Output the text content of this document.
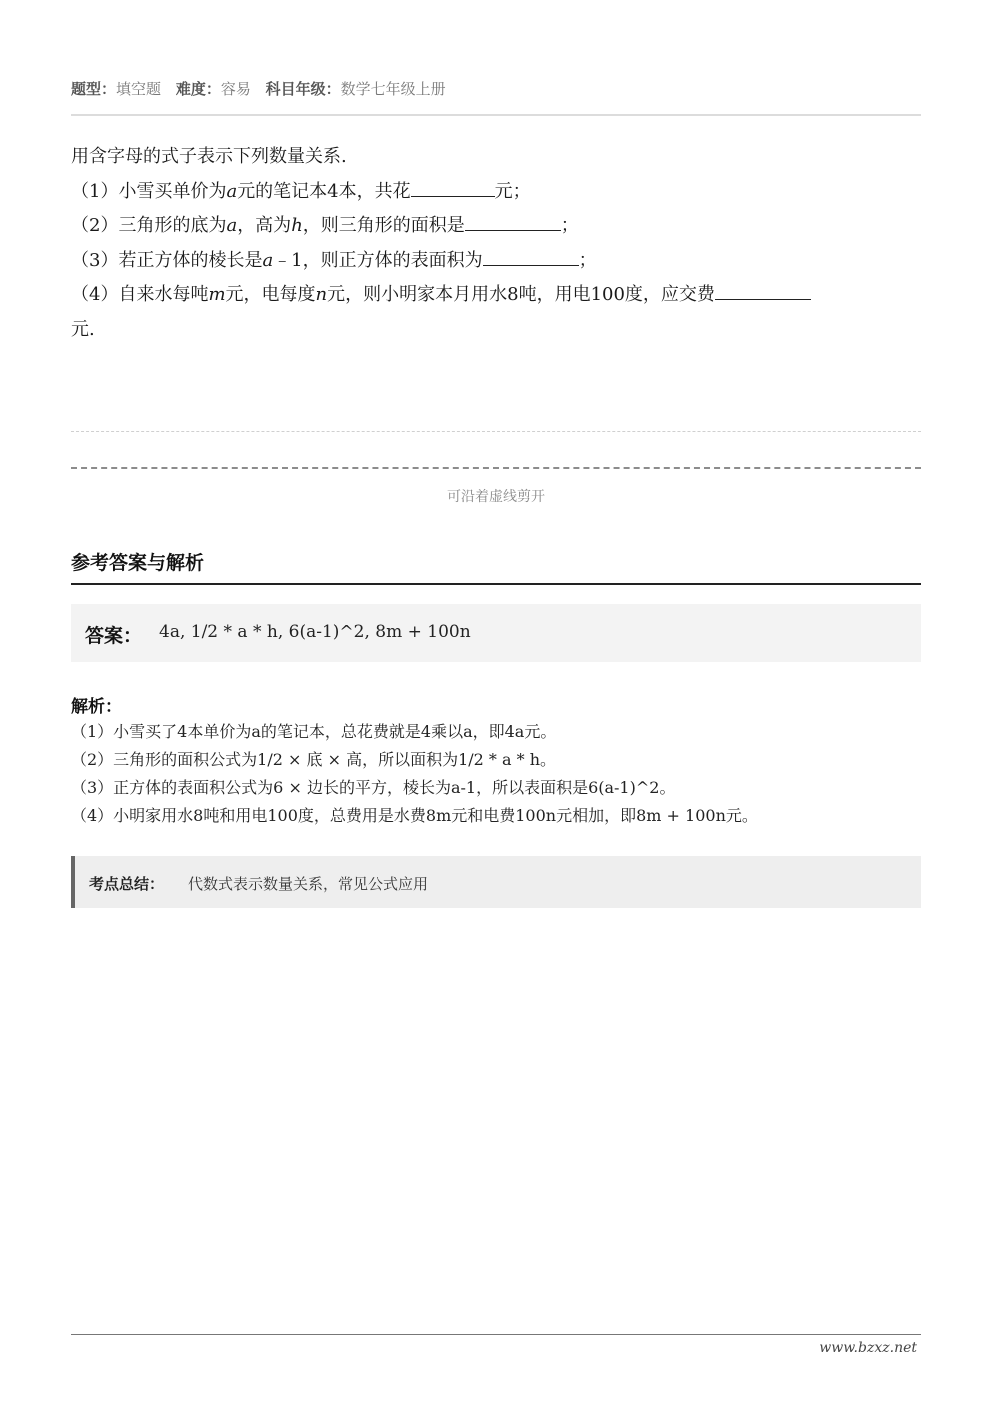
题型：填空题 难度：容易 科目年级：数学七年级上册
用含字母的式子表示下列数量关系.
（1）小雪买单价为a元的笔记本4本，共花	元；
（2）三角形的底为a，高为h，则三角形的面积是	；
（3）若正方体的棱长是a﹣1，则正方体的表面积为	；
（4）自来水每吨m元，电每度n元，则小明家本月用水8吨，用电100度，应交费
元.
可沿着虚线剪开
参考答案与解析
答案： 4a, 1/2 * a * h, 6(a-1)^2, 8m + 100n
解析：
（1）小雪买了4本单价为a的笔记本，总花费就是4乘以a，即4a元。
（2）三角形的面积公式为1/2 × 底 × 高，所以面积为1/2 * a * h。
（3）正方体的表面积公式为6 × 边长的平方，棱长为a-1，所以表面积是6(a-1)^2。
（4）小明家用水8吨和用电100度，总费用是水费8m元和电费100n元相加，即8m + 100n元。
考点总结： 代数式表示数量关系，常见公式应用
www.bzxz.net
